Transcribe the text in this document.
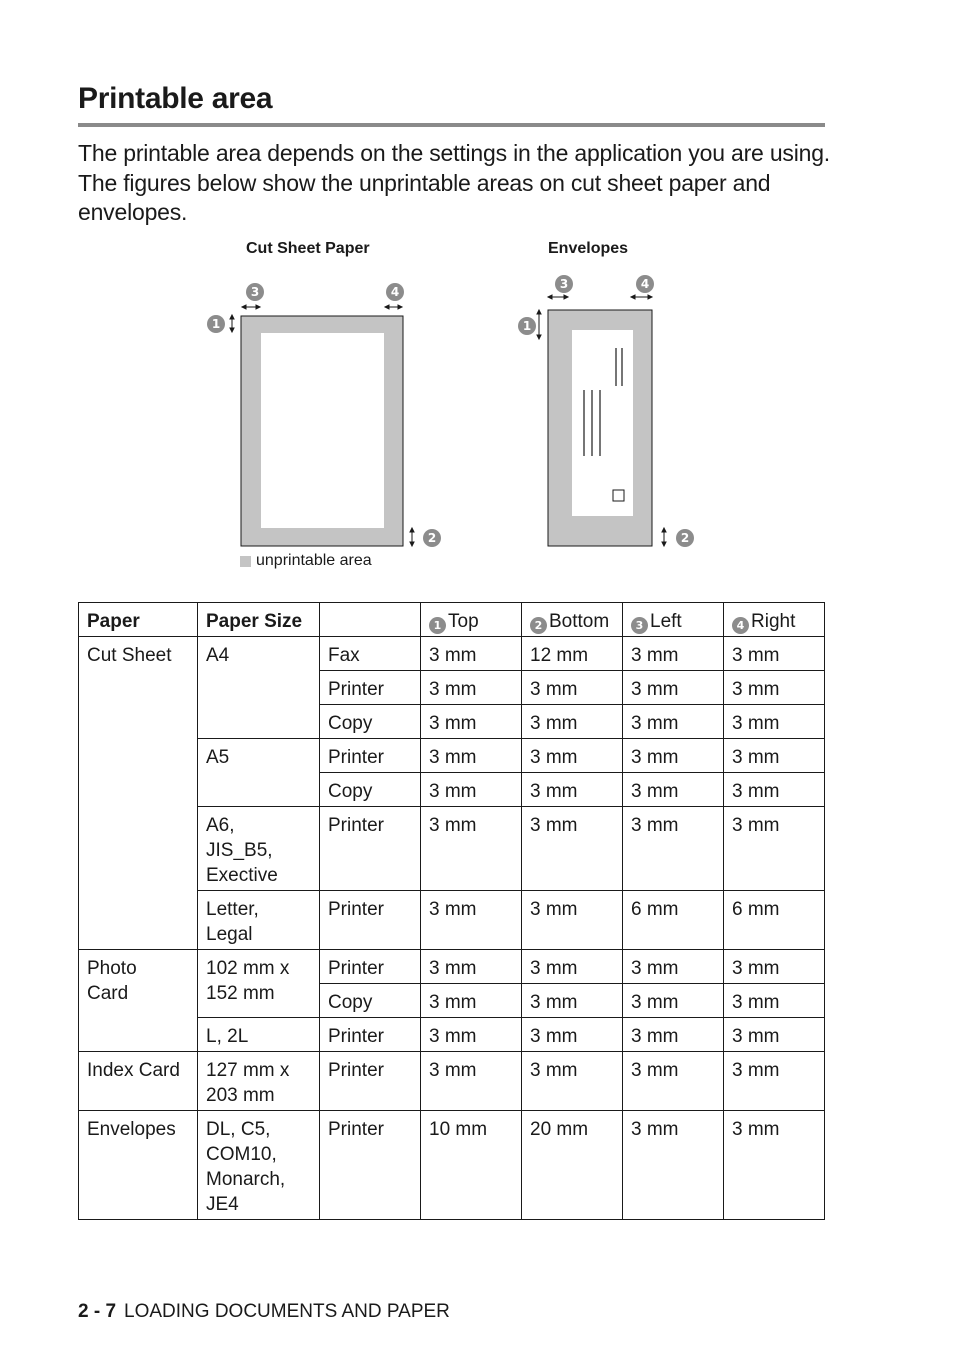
Printable area

The printable area depends on the settings in the application you are using. The figures below show the unprintable areas on cut sheet paper and envelopes.

Cut Sheet Paper	Envelopes
3	4
1
2
3	4
1
2
unprintable area
Paper	Paper Size		1 Top	2 Bottom	3 Left	4 Right
Cut Sheet	A4	Fax	3 mm	12 mm	3 mm	3 mm
		Printer	3 mm	3 mm	3 mm	3 mm
		Copy	3 mm	3 mm	3 mm	3 mm
	A5	Printer	3 mm	3 mm	3 mm	3 mm
		Copy	3 mm	3 mm	3 mm	3 mm

	A6,
JIS_B5,
Exective	Printer	3 mm	3 mm	3 mm	3 mm

	Letter,
Legal	Printer	3 mm	3 mm	6 mm	6 mm

Photo Card	102 mm x
152 mm	Printer	3 mm	3 mm	3 mm	3 mm
		Copy	3 mm	3 mm	3 mm	3 mm
	L, 2L	Printer	3 mm	3 mm	3 mm	3 mm
Index Card	127 mm x
203 mm	Printer	3 mm	3 mm	3 mm	3 mm
Envelopes	DL, C5,
COM10,
Monarch,
JE4	Printer	10 mm	20 mm	3 mm	3 mm
2 - 7 LOADING DOCUMENTS AND PAPER
